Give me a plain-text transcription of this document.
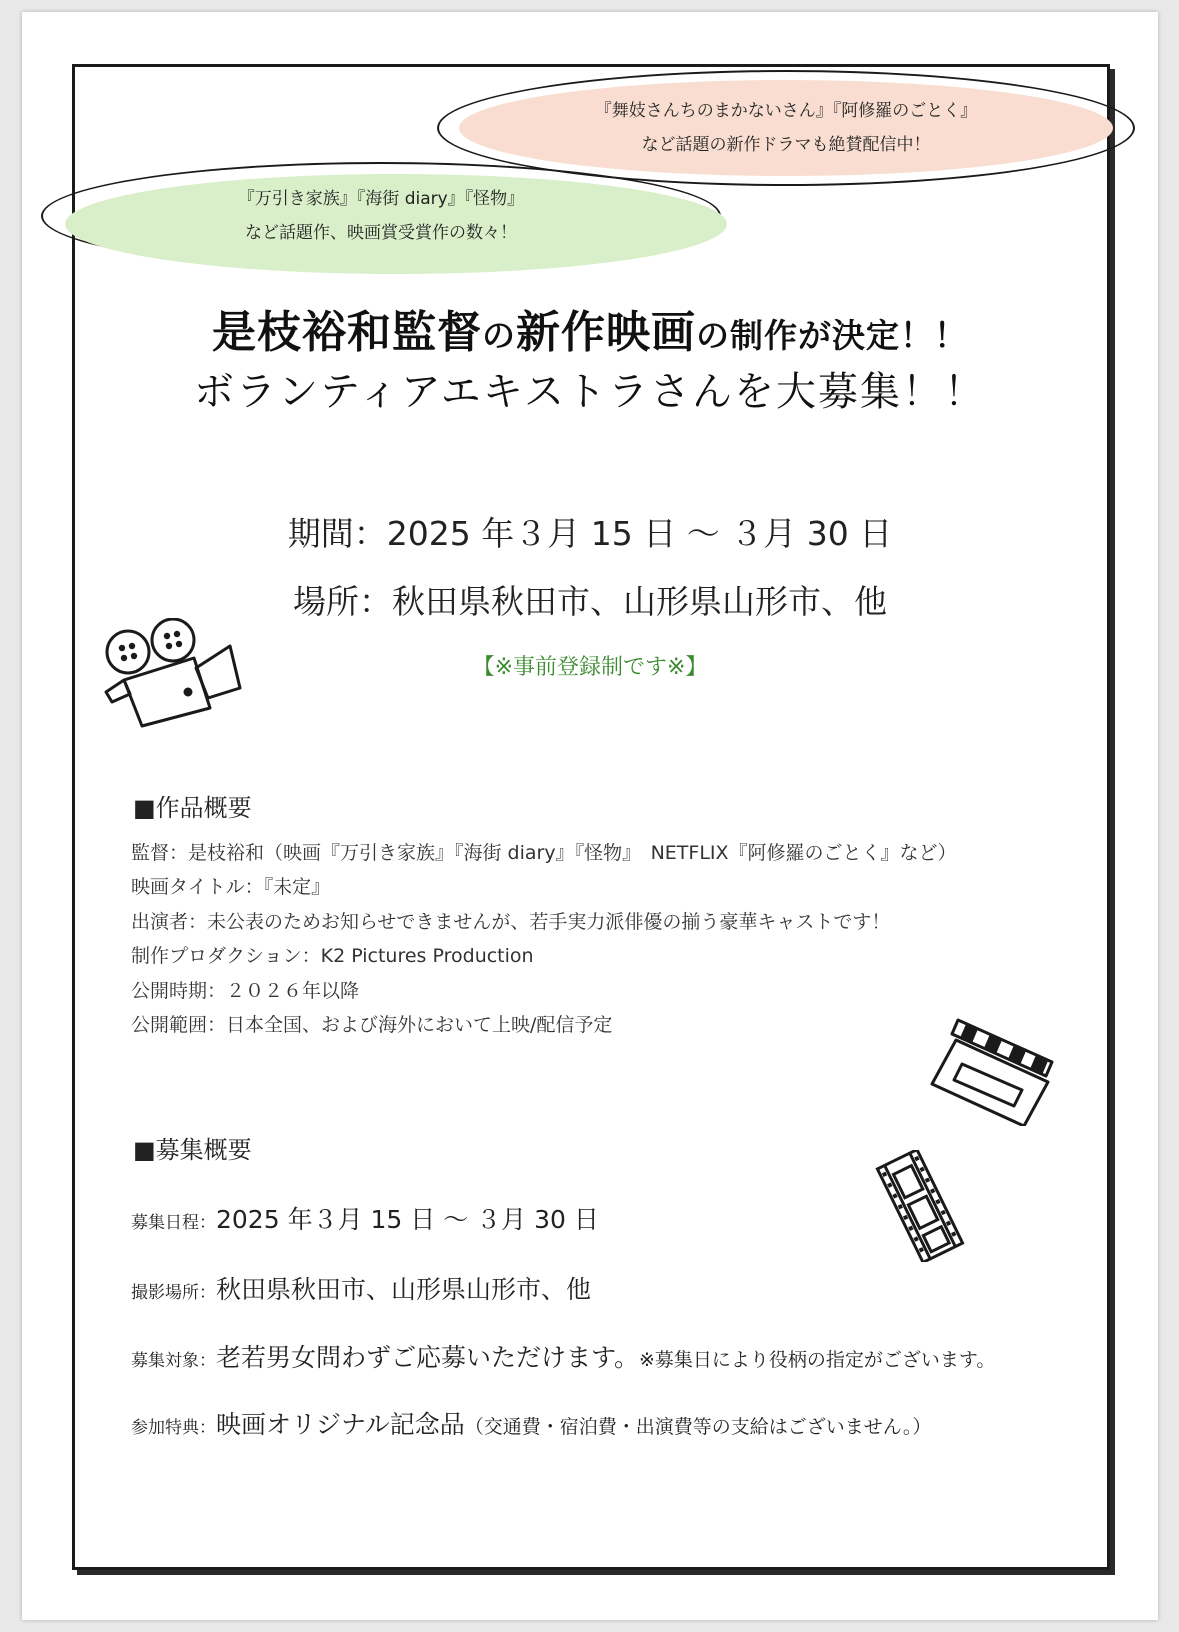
『舞妓さんちのまかないさん』『阿修羅のごとく』
など話題の新作ドラマも絶賛配信中！
『万引き家族』『海街 diary』『怪物』
など話題作、映画賞受賞作の数々！
是枝裕和監督の新作映画の制作が決定！！
ボランティアエキストラさんを大募集！！
期間：2025 年３月 15 日 ～ ３月 30 日
場所：秋田県秋田市、山形県山形市、他
【※事前登録制です※】
■作品概要
監督：是枝裕和（映画『万引き家族』『海街 diary』『怪物』　NETFLIX『阿修羅のごとく』など）
映画タイトル：『未定』
出演者：未公表のためお知らせできませんが、若手実力派俳優の揃う豪華キャストです！
制作プロダクション：K2 Pictures Production
公開時期：２０２６年以降
公開範囲：日本全国、および海外において上映/配信予定
■募集概要
募集日程：2025 年３月 15 日 ～ ３月 30 日
撮影場所：秋田県秋田市、山形県山形市、他
募集対象：老若男女問わずご応募いただけます。※募集日により役柄の指定がございます。
参加特典：映画オリジナル記念品（交通費・宿泊費・出演費等の支給はございません。）
